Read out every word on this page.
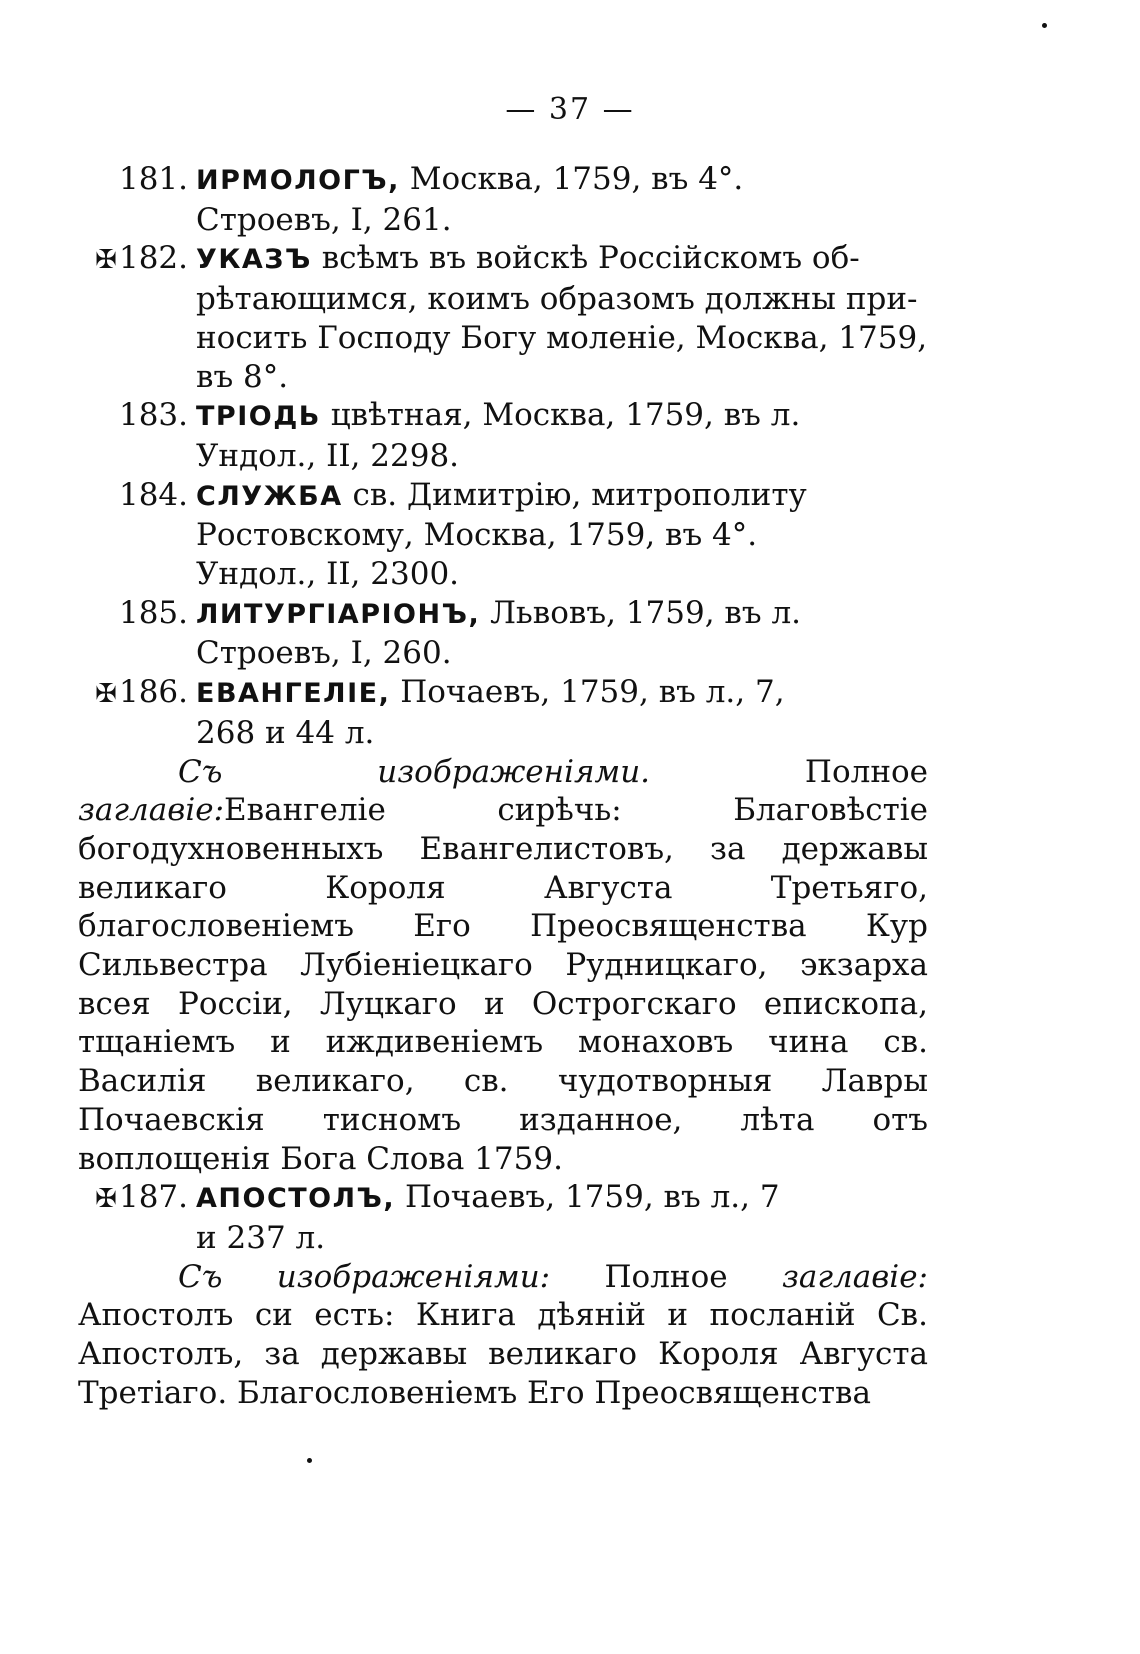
— 37 —
181. ИРМОЛОГЪ, Москва, 1759, въ 4°.
Строевъ, I, 261.
✠182. УКАЗЪ всѣмъ въ войскѣ Россійскомъ об-
рѣтающимся, коимъ образомъ должны при-
носить Господу Богу моленіе, Москва, 1759,
въ 8°.
183. ТРІОДЬ цвѣтная, Москва, 1759, въ л.
Ундол., II, 2298.
184. СЛУЖБА св. Димитрію, митрополиту
Ростовскому, Москва, 1759, въ 4°.
Ундол., II, 2300.
185. ЛИТУРГІАРІОНЪ, Львовъ, 1759, въ л.
Строевъ, I, 260.
✠186. ЕВАНГЕЛІЕ, Почаевъ, 1759, въ л., 7,
268 и 44 л.

Съ изображеніями. Полное заглавіе:Евангеліе сирѣчь: Благовѣстіе богодухновенныхъ Евангелистовъ, за державы великаго Короля Августа Третьяго, благословеніемъ Его Преосвященства Кур Сильвестра Лубіеніецкаго Рудницкаго, экзарха всея Россіи, Луцкаго и Острогскаго епископа, тщаніемъ и иждивеніемъ монаховъ чина св. Василія великаго, св. чудотворныя Лавры Почаевскія тисномъ изданное, лѣта отъ воплощенія Бога Слова 1759.

✠187. АПОСТОЛЪ, Почаевъ, 1759, въ л., 7
и 237 л.

Съ изображеніями: Полное заглавіе: Апостолъ си есть: Книга дѣяній и посланій Св. Апостолъ, за державы великаго Короля Августа Третіаго. Благословеніемъ Его Преосвященства
